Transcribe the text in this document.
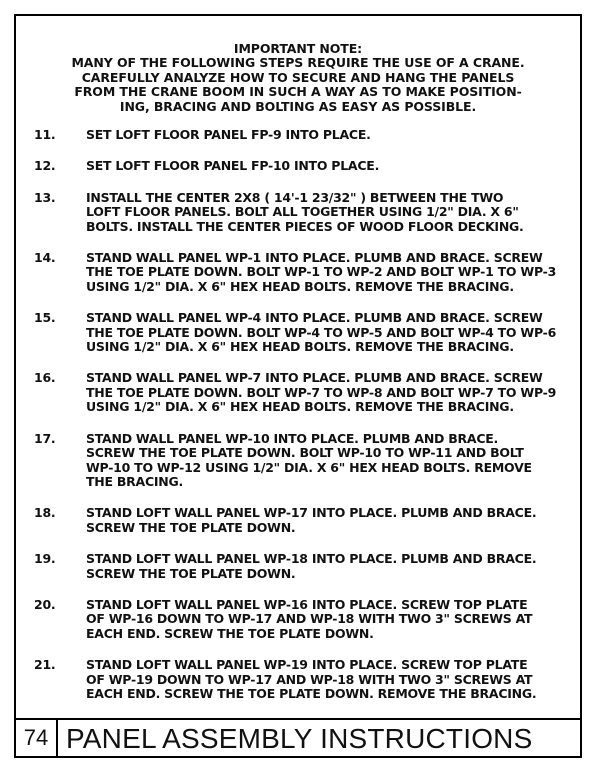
IMPORTANT NOTE:
MANY OF THE FOLLOWING STEPS REQUIRE THE USE OF A CRANE.
CAREFULLY ANALYZE HOW TO SECURE AND HANG THE PANELS
FROM THE CRANE BOOM IN SUCH A WAY AS TO MAKE POSITION-
ING, BRACING AND BOLTING AS EASY AS POSSIBLE.
11.	SET LOFT FLOOR PANEL FP-9 INTO PLACE.
12.	SET LOFT FLOOR PANEL FP-10 INTO PLACE.
13.	INSTALL THE CENTER 2X8 ( 14'-1 23/32" ) BETWEEN THE TWO
LOFT FLOOR PANELS. BOLT ALL TOGETHER USING 1/2" DIA. X 6"
BOLTS. INSTALL THE CENTER PIECES OF WOOD FLOOR DECKING.
14.	STAND WALL PANEL WP-1 INTO PLACE. PLUMB AND BRACE. SCREW
THE TOE PLATE DOWN. BOLT WP-1 TO WP-2 AND BOLT WP-1 TO WP-3
USING 1/2" DIA. X 6" HEX HEAD BOLTS. REMOVE THE BRACING.
15.	STAND WALL PANEL WP-4 INTO PLACE. PLUMB AND BRACE. SCREW
THE TOE PLATE DOWN. BOLT WP-4 TO WP-5 AND BOLT WP-4 TO WP-6
USING 1/2" DIA. X 6" HEX HEAD BOLTS. REMOVE THE BRACING.
16.	STAND WALL PANEL WP-7 INTO PLACE. PLUMB AND BRACE. SCREW
THE TOE PLATE DOWN. BOLT WP-7 TO WP-8 AND BOLT WP-7 TO WP-9
USING 1/2" DIA. X 6" HEX HEAD BOLTS. REMOVE THE BRACING.
17.	STAND WALL PANEL WP-10 INTO PLACE. PLUMB AND BRACE.
SCREW THE TOE PLATE DOWN. BOLT WP-10 TO WP-11 AND BOLT
WP-10 TO WP-12 USING 1/2" DIA. X 6" HEX HEAD BOLTS. REMOVE
THE BRACING.
18.	STAND LOFT WALL PANEL WP-17 INTO PLACE. PLUMB AND BRACE.
SCREW THE TOE PLATE DOWN.
19.	STAND LOFT WALL PANEL WP-18 INTO PLACE. PLUMB AND BRACE.
SCREW THE TOE PLATE DOWN.
20.	STAND LOFT WALL PANEL WP-16 INTO PLACE. SCREW TOP PLATE
OF WP-16 DOWN TO WP-17 AND WP-18 WITH TWO 3" SCREWS AT
EACH END. SCREW THE TOE PLATE DOWN.
21.	STAND LOFT WALL PANEL WP-19 INTO PLACE. SCREW TOP PLATE
OF WP-19 DOWN TO WP-17 AND WP-18 WITH TWO 3" SCREWS AT
EACH END. SCREW THE TOE PLATE DOWN. REMOVE THE BRACING.
74 PANEL ASSEMBLY INSTRUCTIONS
